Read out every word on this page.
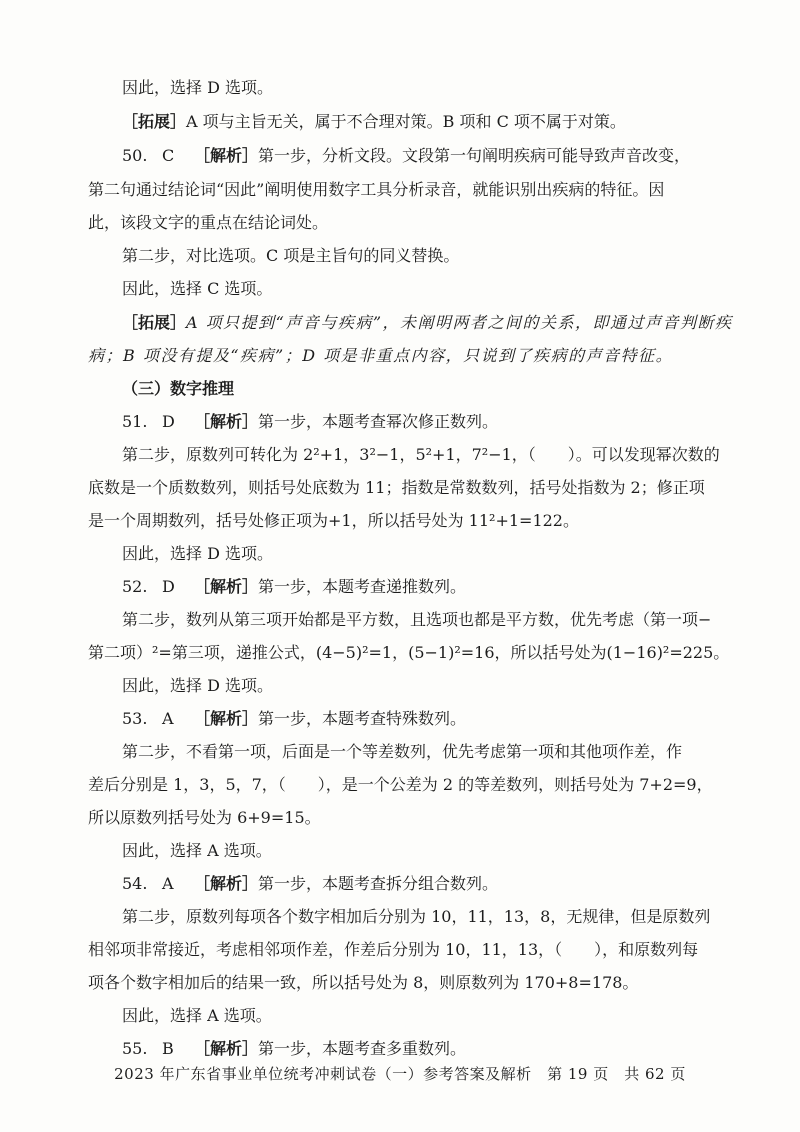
因此，选择 D 选项。
［拓展］A 项与主旨无关，属于不合理对策。B 项和 C 项不属于对策。
50. C ［解析］第一步，分析文段。文段第一句阐明疾病可能导致声音改变，
第二句通过结论词“因此”阐明使用数字工具分析录音，就能识别出疾病的特征。因
此，该段文字的重点在结论词处。
第二步，对比选项。C 项是主旨句的同义替换。
因此，选择 C 选项。
［拓展］A 项只提到“声音与疾病”，未阐明两者之间的关系，即通过声音判断疾
病；B 项没有提及“疾病”；D 项是非重点内容，只说到了疾病的声音特征。
（三）数字推理
51. D ［解析］第一步，本题考查幂次修正数列。
第二步，原数列可转化为 2²+1，3²−1，5²+1，7²−1，（　　）。可以发现幂次数的
底数是一个质数数列，则括号处底数为 11；指数是常数数列，括号处指数为 2；修正项
是一个周期数列，括号处修正项为+1，所以括号处为 11²+1=122。
因此，选择 D 选项。
52. D ［解析］第一步，本题考查递推数列。
第二步，数列从第三项开始都是平方数，且选项也都是平方数，优先考虑（第一项−
第二项）²=第三项，递推公式，(4−5)²=1，(5−1)²=16，所以括号处为(1−16)²=225。
因此，选择 D 选项。
53. A ［解析］第一步，本题考查特殊数列。
第二步，不看第一项，后面是一个等差数列，优先考虑第一项和其他项作差，作
差后分别是 1，3，5，7，（　　），是一个公差为 2 的等差数列，则括号处为 7+2=9，
所以原数列括号处为 6+9=15。
因此，选择 A 选项。
54. A ［解析］第一步，本题考查拆分组合数列。
第二步，原数列每项各个数字相加后分别为 10，11，13，8，无规律，但是原数列
相邻项非常接近，考虑相邻项作差，作差后分别为 10，11，13，（　　），和原数列每
项各个数字相加后的结果一致，所以括号处为 8，则原数列为 170+8=178。
因此，选择 A 选项。
55. B ［解析］第一步，本题考查多重数列。
2023 年广东省事业单位统考冲刺试卷（一）参考答案及解析　第 19 页　共 62 页
